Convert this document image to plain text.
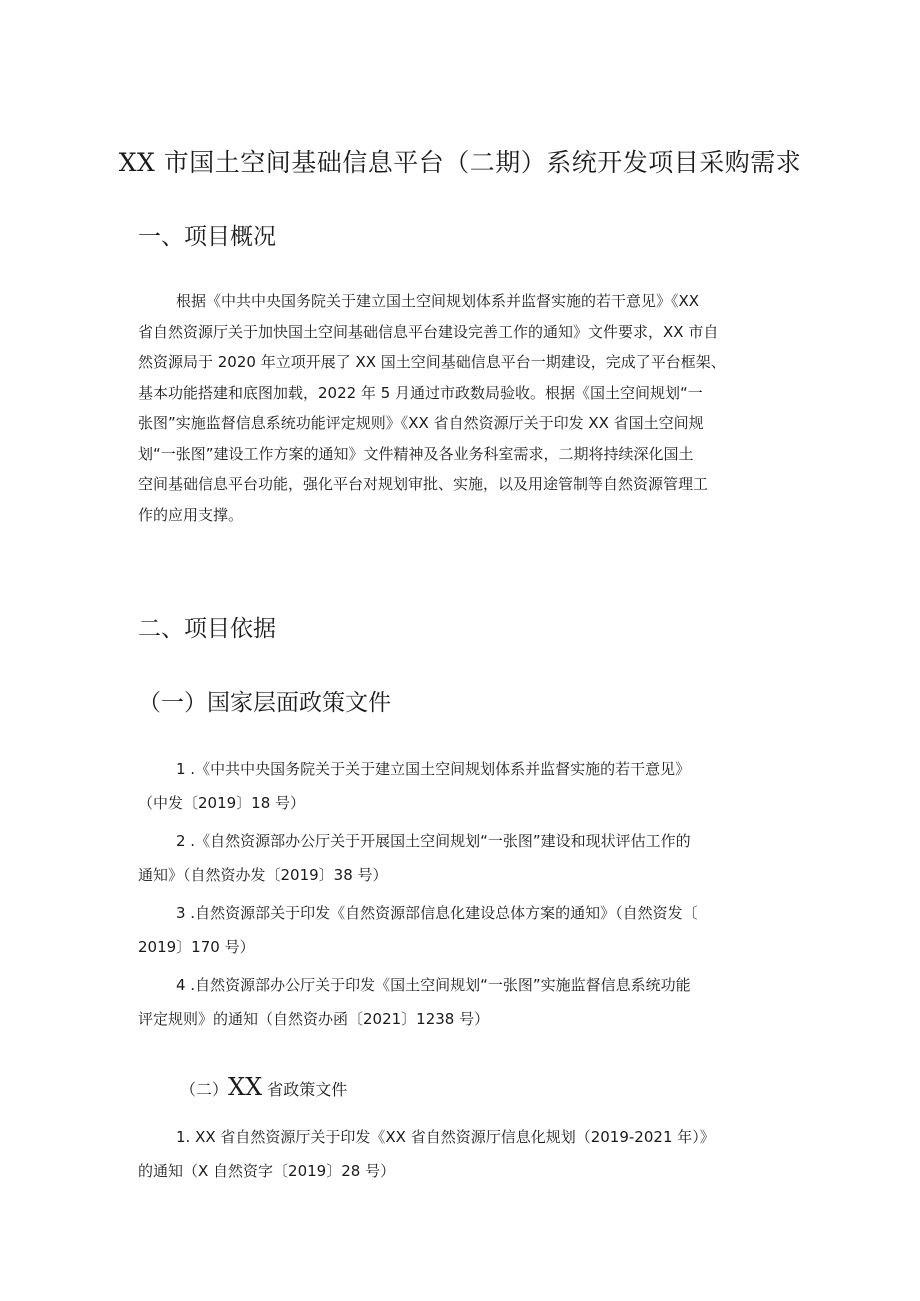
XX 市国土空间基础信息平台（二期）系统开发项目采购需求
一、项目概况

根据《中共中央国务院关于建立国土空间规划体系并监督实施的若干意见》《XX
省自然资源厅关于加快国土空间基础信息平台建设完善工作的通知》文件要求，XX 市自
然资源局于 2020 年立项开展了 XX 国土空间基础信息平台一期建设，完成了平台框架、
基本功能搭建和底图加载，2022 年 5 月通过市政数局验收。根据《国土空间规划“一
张图”实施监督信息系统功能评定规则》《XX 省自然资源厅关于印发 XX 省国土空间规
划“一张图”建设工作方案的通知》文件精神及各业务科室需求，二期将持续深化国土
空间基础信息平台功能，强化平台对规划审批、实施，以及用途管制等自然资源管理工
作的应用支撑。

二、项目依据
（一）国家层面政策文件
1 .《中共中央国务院关于关于建立国土空间规划体系并监督实施的若干意见》
（中发〔2019〕18 号）
2 .《自然资源部办公厅关于开展国土空间规划“一张图”建设和现状评估工作的
通知》（自然资办发〔2019〕38 号）
3 .自然资源部关于印发《自然资源部信息化建设总体方案的通知》（自然资发〔
2019〕170 号）
4 .自然资源部办公厅关于印发《国土空间规划“一张图”实施监督信息系统功能
评定规则》的通知（自然资办函〔2021〕1238 号）
（二）XX 省政策文件
1. XX 省自然资源厅关于印发《XX 省自然资源厅信息化规划（2019-2021 年）》
的通知（X 自然资字〔2019〕28 号）
